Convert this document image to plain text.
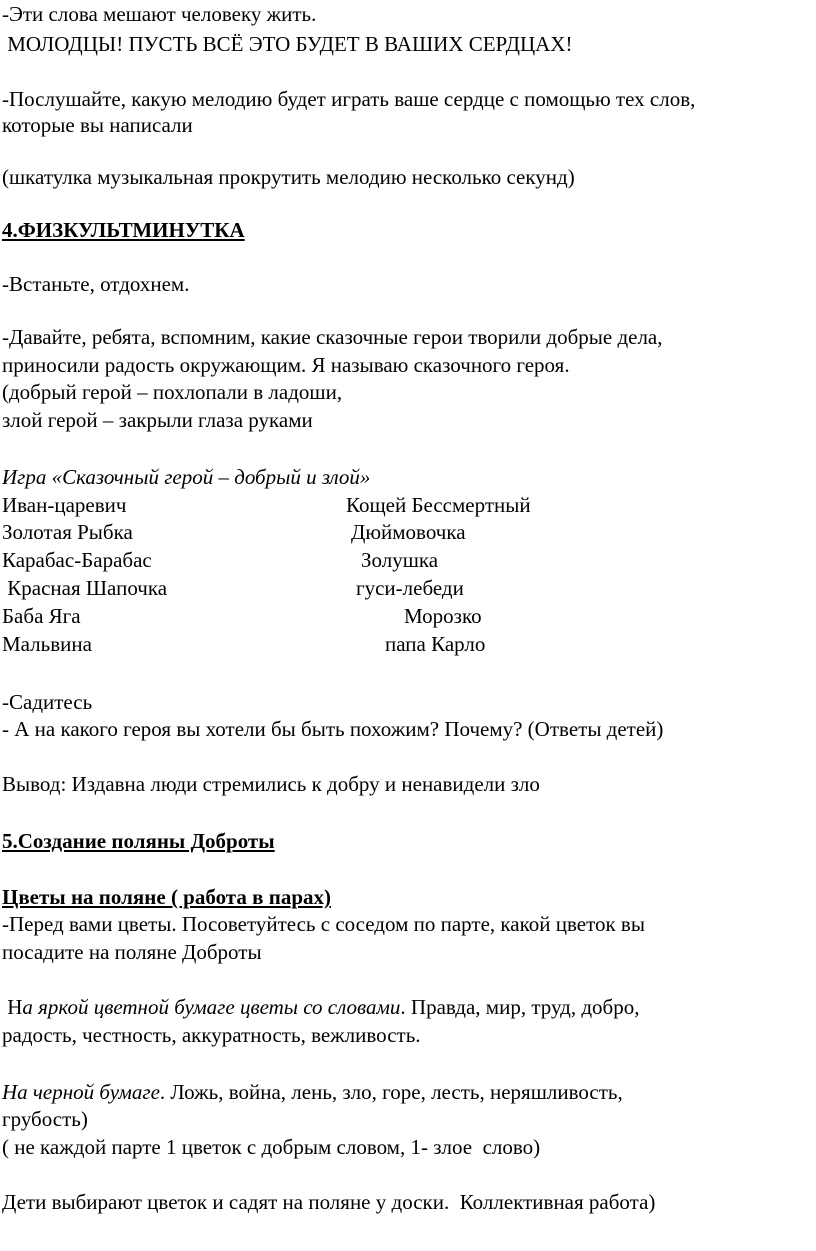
-Эти слова мешают человеку жить.
МОЛОДЦЫ! ПУСТЬ ВСЁ ЭТО БУДЕТ В ВАШИХ СЕРДЦАХ!
-Послушайте, какую мелодию будет играть ваше сердце с помощью тех слов,
которые вы написали
(шкатулка музыкальная прокрутить мелодию несколько секунд)
4.ФИЗКУЛЬТМИНУТКА
-Встаньте, отдохнем.
-Давайте, ребята, вспомним, какие сказочные герои творили добрые дела,
приносили радость окружающим. Я называю сказочного героя.
(добрый герой – похлопали в ладоши,
злой герой – закрыли глаза руками
Игра «Сказочный герой – добрый и злой»
Иван-царевич	Кощей Бессмертный
Золотая Рыбка	Дюймовочка
Карабас-Барабас	Золушка
Красная Шапочка	гуси-лебеди
Баба Яга	Морозко
Мальвина	папа Карло
-Садитесь
- А на какого героя вы хотели бы быть похожим? Почему? (Ответы детей)
Вывод: Издавна люди стремились к добру и ненавидели зло
5.Создание поляны Доброты
Цветы на поляне ( работа в парах)
-Перед вами цветы. Посоветуйтесь с соседом по парте, какой цветок вы
посадите на поляне Доброты
На яркой цветной бумаге цветы со словами. Правда, мир, труд, добро,
радость, честность, аккуратность, вежливость.
На черной бумаге. Ложь, война, лень, зло, горе, лесть, неряшливость,
грубость)
( не каждой парте 1 цветок с добрым словом, 1- злое  слово)
Дети выбирают цветок и садят на поляне у доски.  Коллективная работа)
